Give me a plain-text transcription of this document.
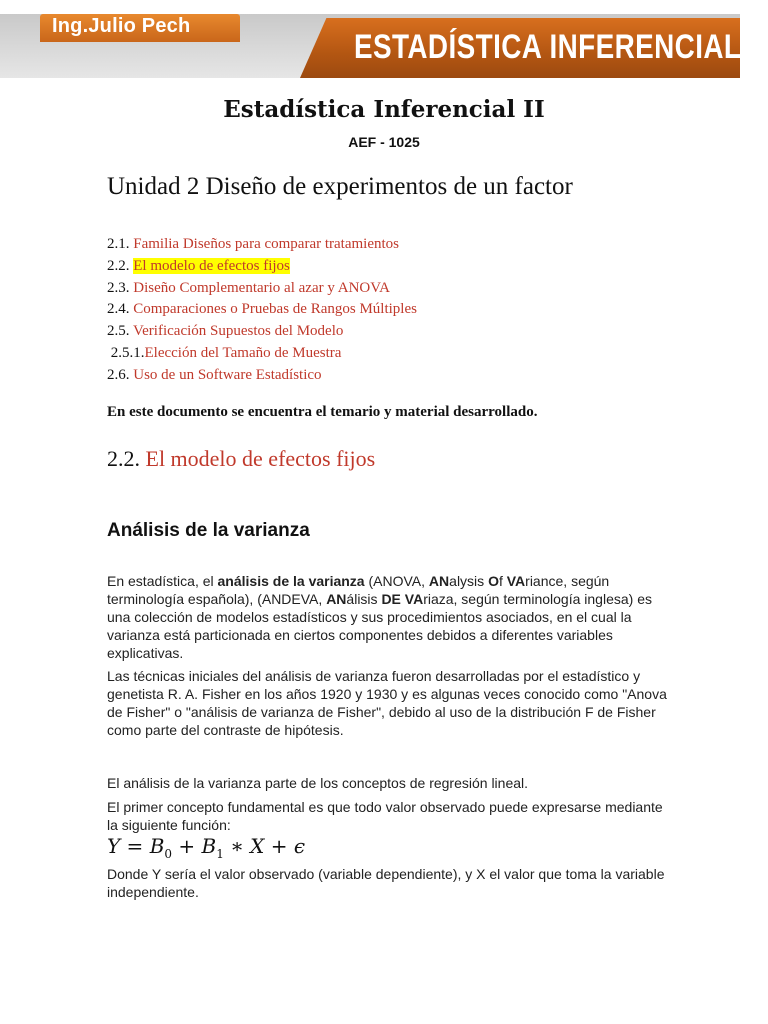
Ing.Julio Pech
ESTADÍSTICA INFERENCIAL II
Estadística Inferencial II
AEF - 1025
Unidad 2 Diseño de experimentos de un factor
2.1. Familia Diseños para comparar tratamientos
2.2. El modelo de efectos fijos
2.3. Diseño Complementario al azar y ANOVA
2.4. Comparaciones o Pruebas de Rangos Múltiples
2.5. Verificación Supuestos del Modelo
2.5.1.Elección del Tamaño de Muestra
2.6. Uso de un Software Estadístico
En este documento se encuentra el temario y material desarrollado.
2.2. El modelo de efectos fijos
Análisis de la varianza
En estadística, el análisis de la varianza (ANOVA, ANalysis Of VAriance, según terminología española), (ANDEVA, ANálisis DE VAriaza, según terminología inglesa) es una colección de modelos estadísticos y sus procedimientos asociados, en el cual la varianza está particionada en ciertos componentes debidos a diferentes variables explicativas.
Las técnicas iniciales del análisis de varianza fueron desarrolladas por el estadístico y genetista R. A. Fisher en los años 1920 y 1930 y es algunas veces conocido como "Anova de Fisher" o "análisis de varianza de Fisher", debido al uso de la distribución F de Fisher como parte del contraste de hipótesis.
El análisis de la varianza parte de los conceptos de regresión lineal.
El primer concepto fundamental es que todo valor observado puede expresarse mediante la siguiente función:
$Y = B_0 + B_1$ ∗ X + ϵ
Donde Y sería el valor observado (variable dependiente), y X el valor que toma la variable independiente.
